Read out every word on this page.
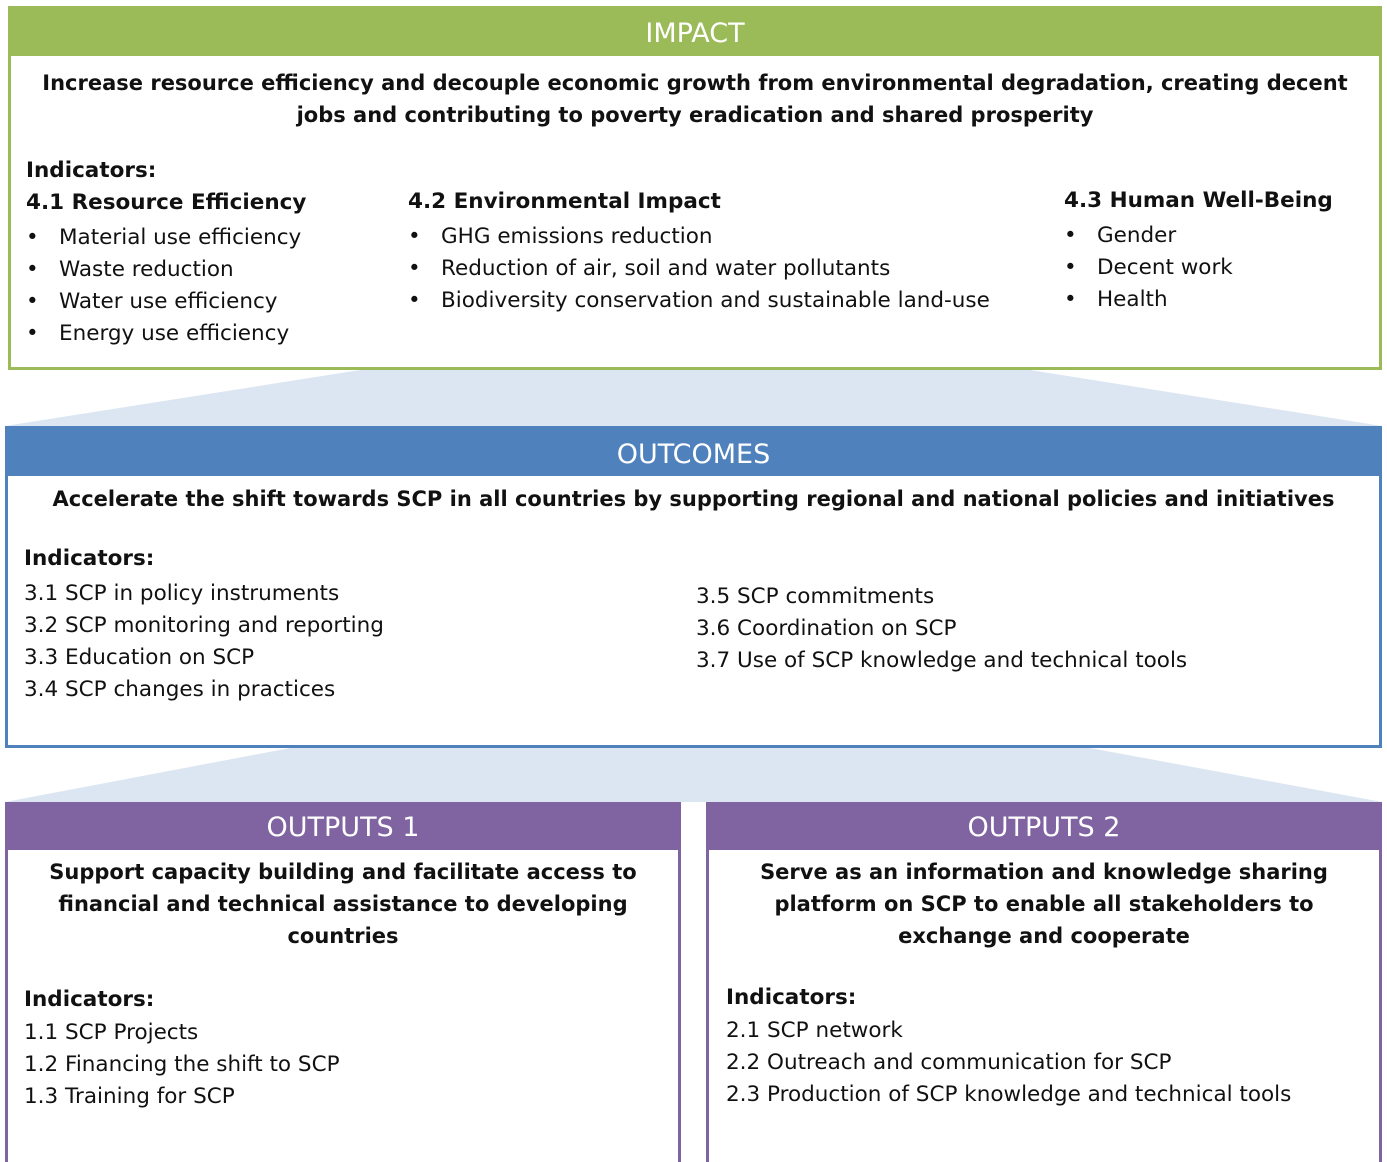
IMPACT
Increase resource efficiency and decouple economic growth from environmental degradation, creating decent jobs and contributing to poverty eradication and shared prosperity

Indicators:

4.1 Resource Efficiency

• Material use efficiency
• Waste reduction
• Water use efficiency
• Energy use efficiency

4.2 Environmental Impact

• GHG emissions reduction
• Reduction of air, soil and water pollutants
• Biodiversity conservation and sustainable land-use

4.3 Human Well-Being

• Gender
• Decent work
• Health
OUTCOMES
Accelerate the shift towards SCP in all countries by supporting regional and national policies and initiatives

Indicators:

3.1 SCP in policy instruments
3.2 SCP monitoring and reporting
3.3 Education on SCP
3.4 SCP changes in practices
3.5 SCP commitments
3.6 Coordination on SCP
3.7 Use of SCP knowledge and technical tools
OUTPUTS 1
Support capacity building and facilitate access to financial and technical assistance to developing countries

Indicators:

1.1 SCP Projects
1.2 Financing the shift to SCP
1.3 Training for SCP
OUTPUTS 2
Serve as an information and knowledge sharing platform on SCP to enable all stakeholders to exchange and cooperate

Indicators:

2.1 SCP network
2.2 Outreach and communication for SCP
2.3 Production of SCP knowledge and technical tools
